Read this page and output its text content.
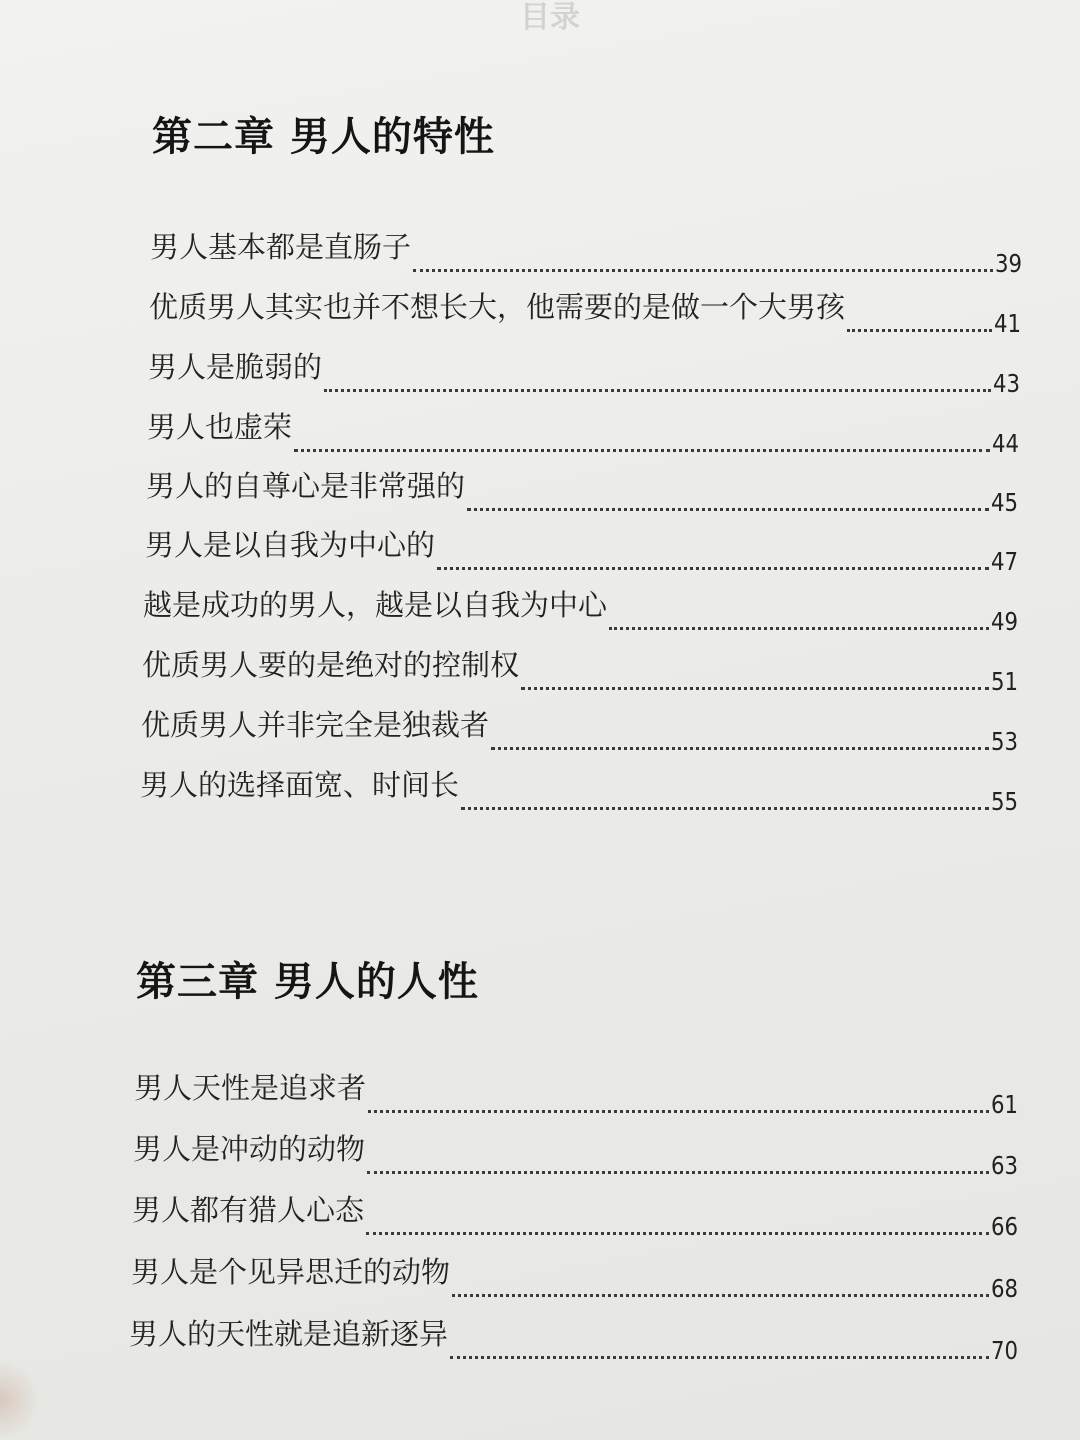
目录
第二章 男人的特性
男人基本都是直肠子	39
优质男人其实也并不想长大，他需要的是做一个大男孩	41
男人是脆弱的	43
男人也虚荣	44
男人的自尊心是非常强的	45
男人是以自我为中心的	47
越是成功的男人，越是以自我为中心	49
优质男人要的是绝对的控制权	51
优质男人并非完全是独裁者	53
男人的选择面宽、时间长	55
第三章 男人的人性
男人天性是追求者	61
男人是冲动的动物	63
男人都有猎人心态	66
男人是个见异思迁的动物	68
男人的天性就是追新逐异	70
